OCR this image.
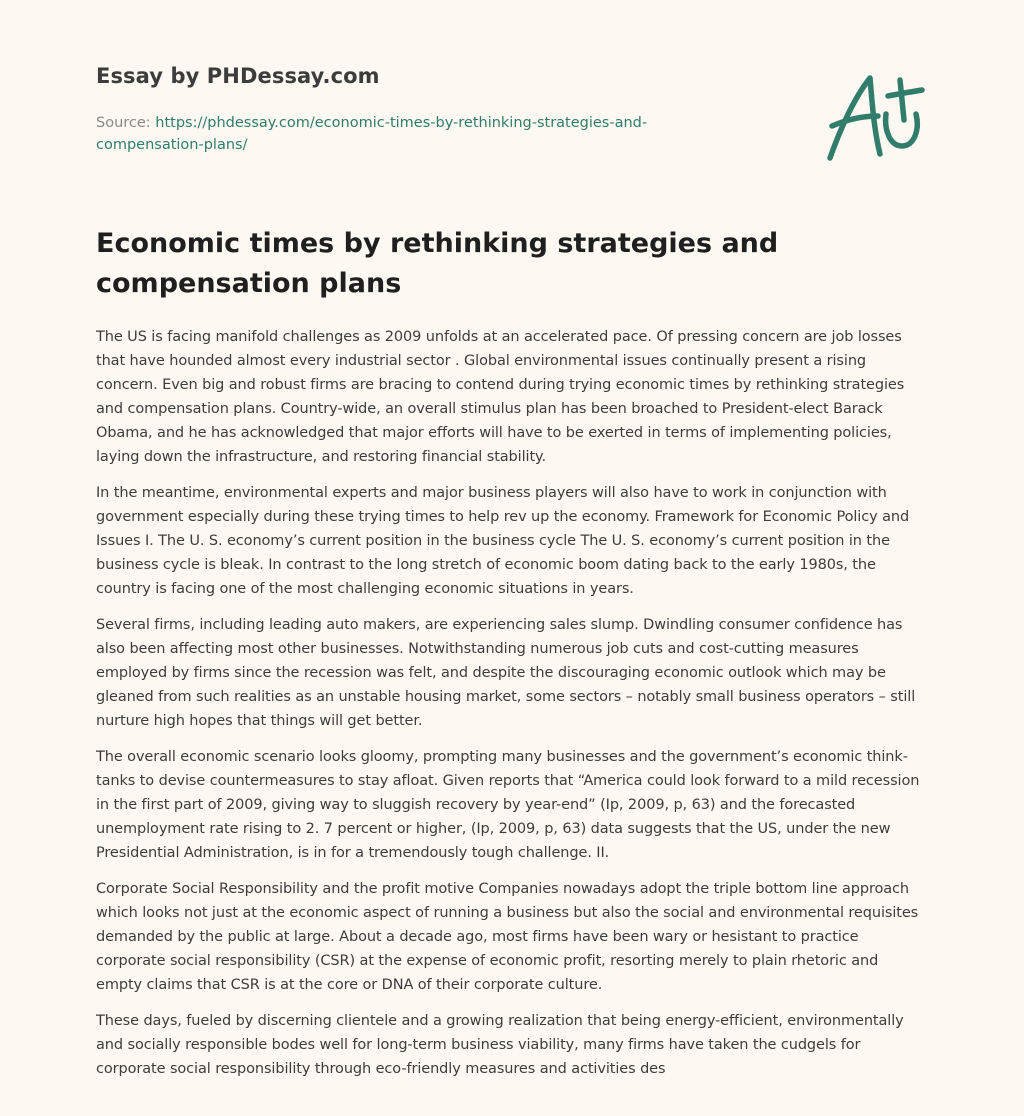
Essay by PHDessay.com
Source: https://phdessay.com/economic-times-by-rethinking-strategies-and-compensation-plans/
Economic times by rethinking strategies and compensation plans

The US is facing manifold challenges as 2009 unfolds at an accelerated pace. Of pressing concern are job losses that have hounded almost every industrial sector . Global environmental issues continually present a rising concern. Even big and robust firms are bracing to contend during trying economic times by rethinking strategies and compensation plans. Country-wide, an overall stimulus plan has been broached to President-elect Barack Obama, and he has acknowledged that major efforts will have to be exerted in terms of implementing policies, laying down the infrastructure, and restoring financial stability.

In the meantime, environmental experts and major business players will also have to work in conjunction with government especially during these trying times to help rev up the economy. Framework for Economic Policy and Issues I. The U. S. economy’s current position in the business cycle The U. S. economy’s current position in the business cycle is bleak. In contrast to the long stretch of economic boom dating back to the early 1980s, the country is facing one of the most challenging economic situations in years.

Several firms, including leading auto makers, are experiencing sales slump. Dwindling consumer confidence has also been affecting most other businesses. Notwithstanding numerous job cuts and cost-cutting measures employed by firms since the recession was felt, and despite the discouraging economic outlook which may be gleaned from such realities as an unstable housing market, some sectors – notably small business operators – still nurture high hopes that things will get better.

The overall economic scenario looks gloomy, prompting many businesses and the government’s economic think-tanks to devise countermeasures to stay afloat. Given reports that “America could look forward to a mild recession in the first part of 2009, giving way to sluggish recovery by year-end” (Ip, 2009, p, 63) and the forecasted unemployment rate rising to 2. 7 percent or higher, (Ip, 2009, p, 63) data suggests that the US, under the new Presidential Administration, is in for a tremendously tough challenge. II.

Corporate Social Responsibility and the profit motive Companies nowadays adopt the triple bottom line approach which looks not just at the economic aspect of running a business but also the social and environmental requisites demanded by the public at large. About a decade ago, most firms have been wary or hesistant to practice corporate social responsibility (CSR) at the expense of economic profit, resorting merely to plain rhetoric and empty claims that CSR is at the core or DNA of their corporate culture.

These days, fueled by discerning clientele and a growing realization that being energy-efficient, environmentally and socially responsible bodes well for long-term business viability, many firms have taken the cudgels for corporate social responsibility through eco-friendly measures and activities des
